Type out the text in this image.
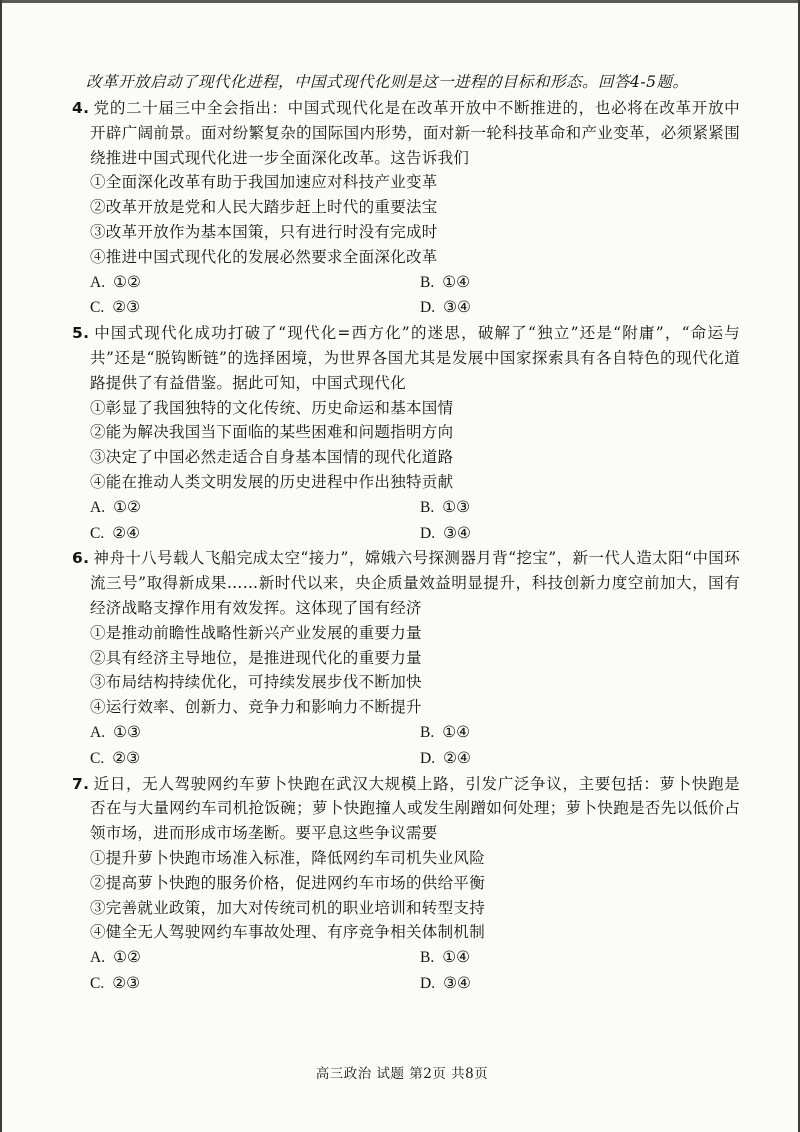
改革开放启动了现代化进程，中国式现代化则是这一进程的目标和形态。回答4-5题。

4. 党的二十届三中全会指出：中国式现代化是在改革开放中不断推进的，也必将在改革开放中开辟广阔前景。面对纷繁复杂的国际国内形势，面对新一轮科技革命和产业变革，必须紧紧围绕推进中国式现代化进一步全面深化改革。这告诉我们

①全面深化改革有助于我国加速应对科技产业变革

②改革开放是党和人民大踏步赶上时代的重要法宝

③改革开放作为基本国策，只有进行时没有完成时

④推进中国式现代化的发展必然要求全面深化改革

A. ①②	B. ①④
C. ②③	D. ③④

5. 中国式现代化成功打破了“现代化=西方化”的迷思，破解了“独立”还是“附庸”，“命运与共”还是“脱钩断链”的选择困境，为世界各国尤其是发展中国家探索具有各自特色的现代化道路提供了有益借鉴。据此可知，中国式现代化

①彰显了我国独特的文化传统、历史命运和基本国情

②能为解决我国当下面临的某些困难和问题指明方向

③决定了中国必然走适合自身基本国情的现代化道路

④能在推动人类文明发展的历史进程中作出独特贡献

A. ①②	B. ①③
C. ②④	D. ③④

6. 神舟十八号载人飞船完成太空“接力”，嫦娥六号探测器月背“挖宝”，新一代人造太阳“中国环流三号”取得新成果……新时代以来，央企质量效益明显提升，科技创新力度空前加大，国有经济战略支撑作用有效发挥。这体现了国有经济

①是推动前瞻性战略性新兴产业发展的重要力量

②具有经济主导地位，是推进现代化的重要力量

③布局结构持续优化，可持续发展步伐不断加快

④运行效率、创新力、竞争力和影响力不断提升

A. ①③	B. ①④
C. ②③	D. ②④

7. 近日，无人驾驶网约车萝卜快跑在武汉大规模上路，引发广泛争议，主要包括：萝卜快跑是否在与大量网约车司机抢饭碗；萝卜快跑撞人或发生剐蹭如何处理；萝卜快跑是否先以低价占领市场，进而形成市场垄断。要平息这些争议需要

①提升萝卜快跑市场准入标准，降低网约车司机失业风险

②提高萝卜快跑的服务价格，促进网约车市场的供给平衡

③完善就业政策，加大对传统司机的职业培训和转型支持

④健全无人驾驶网约车事故处理、有序竞争相关体制机制

A. ①②	B. ①④
C. ②③	D. ③④
高三政治 试题 第2页 共8页
